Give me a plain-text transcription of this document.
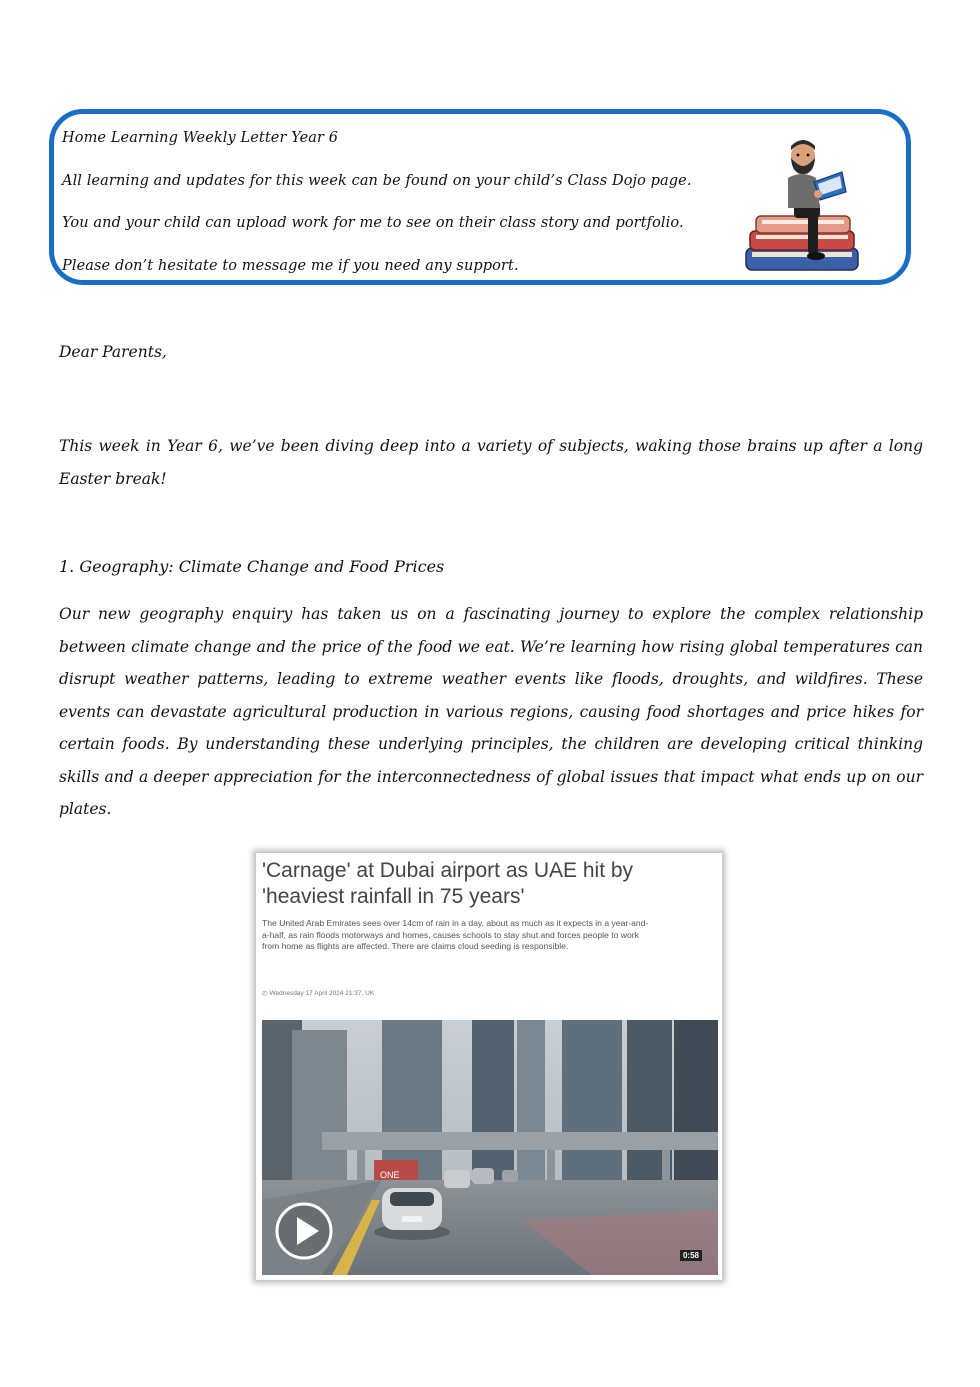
Home Learning Weekly Letter Year 6
All learning and updates for this week can be found on your child’s Class Dojo page.
You and your child can upload work for me to see on their class story and portfolio.
Please don’t hesitate to message me if you need any support.
Dear Parents,

This week in Year 6, we’ve been diving deep into a variety of subjects, waking those brains up after a long Easter break!

1. Geography: Climate Change and Food Prices

Our new geography enquiry has taken us on a fascinating journey to explore the complex relationship between climate change and the price of the food we eat. We’re learning how rising global temperatures can disrupt weather patterns, leading to extreme weather events like floods, droughts, and wildfires. These events can devastate agricultural production in various regions, causing food shortages and price hikes for certain foods. By understanding these underlying principles, the children are developing critical thinking skills and a deeper appreciation for the interconnectedness of global issues that impact what ends up on our plates.

'Carnage' at Dubai airport as UAE hit by 'heaviest rainfall in 75 years'
The United Arab Emirates sees over 14cm of rain in a day, about as much as it expects in a year-and-a-half, as rain floods motorways and homes, causes schools to stay shut and forces people to work from home as flights are affected. There are claims cloud seeding is responsible.
◴ Wednesday 17 April 2024 21:37, UK
ONE
0:58
